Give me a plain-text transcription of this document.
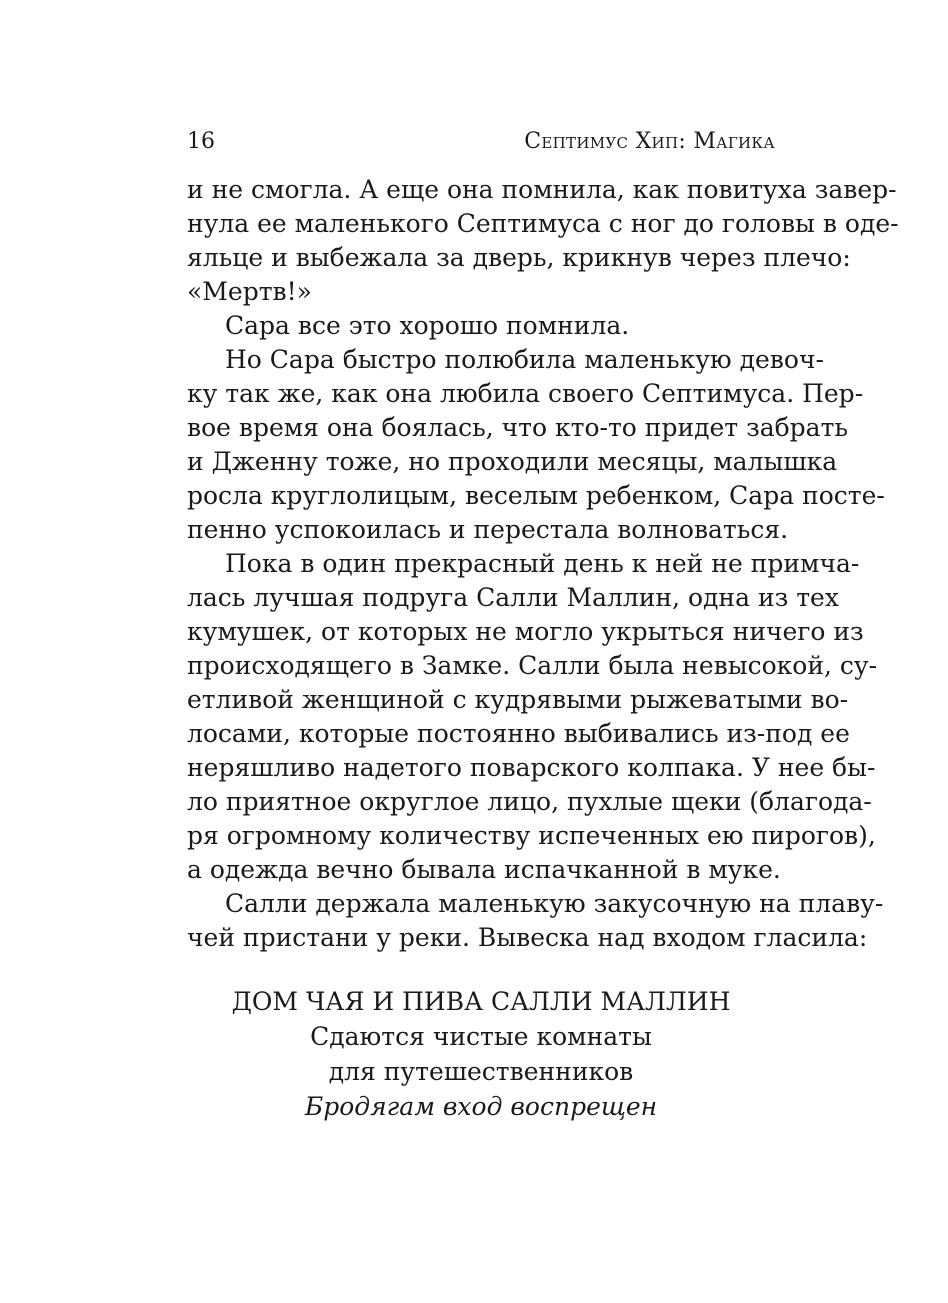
16	Септимус Хип: Магика
и не смогла. А еще она помнила, как повитуха завер-
нула ее маленького Септимуса с ног до головы в оде-
яльце и выбежала за дверь, крикнув через плечо:
«Мертв!»
Сара все это хорошо помнила.
Но Сара быстро полюбила маленькую девоч-
ку так же, как она любила своего Септимуса. Пер-
вое время она боялась, что кто-то придет забрать
и Дженну тоже, но проходили месяцы, малышка
росла круглолицым, веселым ребенком, Сара посте-
пенно успокоилась и перестала волноваться.
Пока в один прекрасный день к ней не примча-
лась лучшая подруга Салли Маллин, одна из тех
кумушек, от которых не могло укрыться ничего из
происходящего в Замке. Салли была невысокой, су-
етливой женщиной с кудрявыми рыжеватыми во-
лосами, которые постоянно выбивались из-под ее
неряшливо надетого поварского колпака. У нее бы-
ло приятное округлое лицо, пухлые щеки (благода-
ря огромному количеству испеченных ею пирогов),
а одежда вечно бывала испачканной в муке.
Салли держала маленькую закусочную на плаву-
чей пристани у реки. Вывеска над входом гласила:
ДОМ ЧАЯ И ПИВА САЛЛИ МАЛЛИН
Сдаются чистые комнаты
для путешественников
Бродягам вход воспрещен
